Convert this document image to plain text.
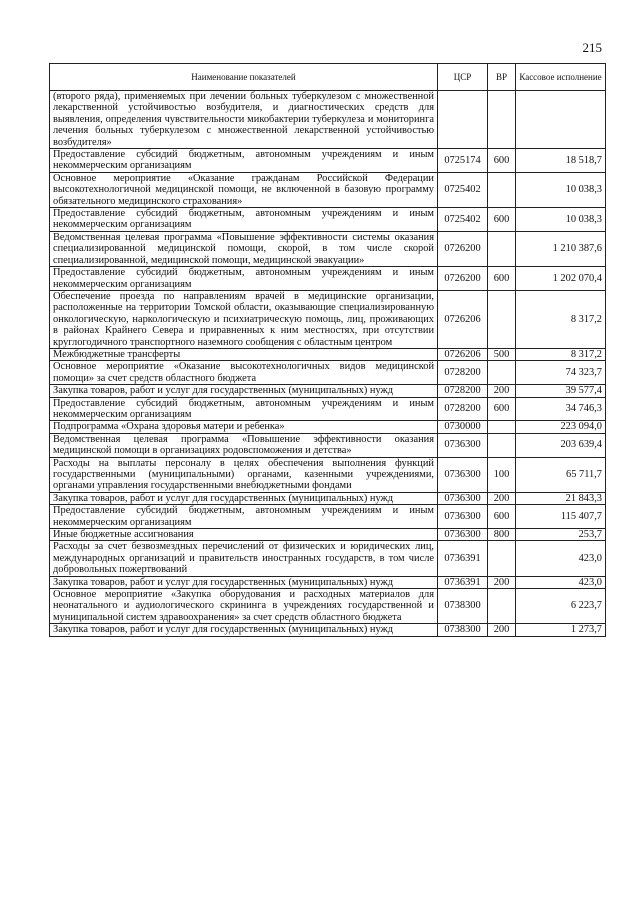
215
Наименование показателей	ЦСР	ВР	Кассовое исполнение
(второго ряда), применяемых при лечении больных туберкулезом с множественной лекарственной устойчивостью возбудителя, и диагностических средств для выявления, определения чувствительности микобактерии туберкулеза и мониторинга лечения больных туберкулезом с множественной лекарственной устойчивостью возбудителя»			
Предоставление субсидий бюджетным, автономным учреждениям и иным некоммерческим организациям	0725174	600	18 518,7
Основное мероприятие «Оказание гражданам Российской Федерации высокотехнологичной медицинской помощи, не включенной в базовую программу обязательного медицинского страхования»	0725402		10 038,3
Предоставление субсидий бюджетным, автономным учреждениям и иным некоммерческим организациям	0725402	600	10 038,3
Ведомственная целевая программа «Повышение эффективности системы оказания специализированной медицинской помощи, скорой, в том числе скорой специализированной, медицинской помощи, медицинской эвакуации»	0726200		1 210 387,6
Предоставление субсидий бюджетным, автономным учреждениям и иным некоммерческим организациям	0726200	600	1 202 070,4
Обеспечение проезда по направлениям врачей в медицинские организации, расположенные на территории Томской области, оказывающие специализированную онкологическую, наркологическую и психиатрическую помощь, лиц, проживающих в районах Крайнего Севера и приравненных к ним местностях, при отсутствии круглогодичного транспортного наземного сообщения с областным центром	0726206		8 317,2
Межбюджетные трансферты	0726206	500	8 317,2
Основное мероприятие «Оказание высокотехнологичных видов медицинской помощи» за счет средств областного бюджета	0728200		74 323,7
Закупка товаров, работ и услуг для государственных (муниципальных) нужд	0728200	200	39 577,4
Предоставление субсидий бюджетным, автономным учреждениям и иным некоммерческим организациям	0728200	600	34 746,3
Подпрограмма «Охрана здоровья матери и ребенка»	0730000		223 094,0
Ведомственная целевая программа «Повышение эффективности оказания медицинской помощи в организациях родовспоможения и детства»	0736300		203 639,4
Расходы на выплаты персоналу в целях обеспечения выполнения функций государственными (муниципальными) органами, казенными учреждениями, органами управления государственными внебюджетными фондами	0736300	100	65 711,7
Закупка товаров, работ и услуг для государственных (муниципальных) нужд	0736300	200	21 843,3
Предоставление субсидий бюджетным, автономным учреждениям и иным некоммерческим организациям	0736300	600	115 407,7
Иные бюджетные ассигнования	0736300	800	253,7
Расходы за счет безвозмездных перечислений от физических и юридических лиц, международных организаций и правительств иностранных государств, в том числе добровольных пожертвований	0736391		423,0
Закупка товаров, работ и услуг для государственных (муниципальных) нужд	0736391	200	423,0
Основное мероприятие «Закупка оборудования и расходных материалов для неонатального и аудиологического скрининга в учреждениях государственной и муниципальной систем здравоохранения» за счет средств областного бюджета	0738300		6 223,7
Закупка товаров, работ и услуг для государственных (муниципальных) нужд	0738300	200	1 273,7
